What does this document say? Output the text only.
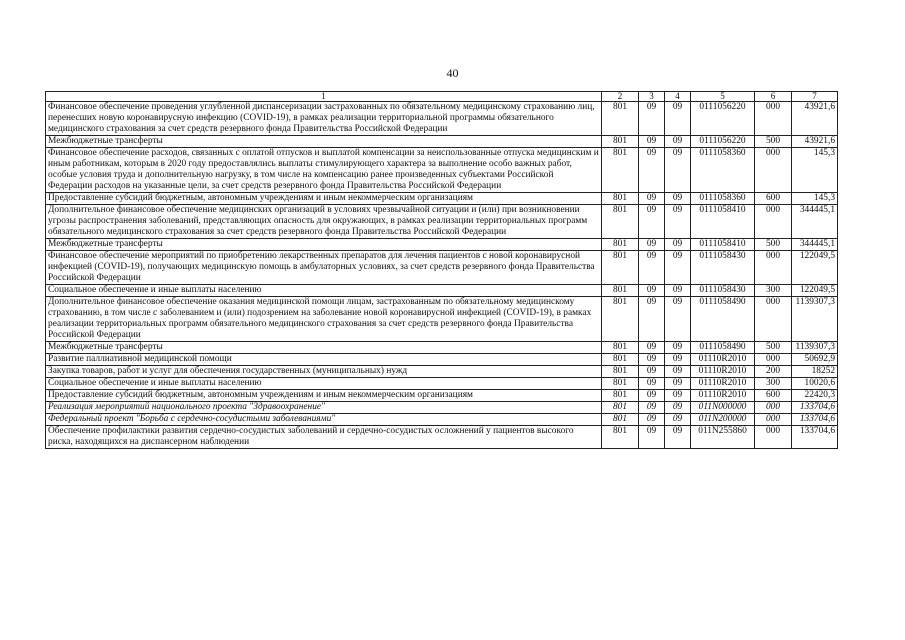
40
1	2	3	4	5	6	7
Финансовое обеспечение проведения углубленной диспансеризации застрахованных по обязательному медицинскому страхованию лиц, перенесших новую коронавирусную инфекцию (COVID-19), в рамках реализации территориальной программы обязательного медицинского страхования за счет средств резервного фонда Правительства Российской Федерации	801	09	09	0111056220	000	43921,6
Межбюджетные трансферты	801	09	09	0111056220	500	43921,6
Финансовое обеспечение расходов, связанных с оплатой отпусков и выплатой компенсации за неиспользованные отпуска медицинским и иным работникам, которым в 2020 году предоставлялись выплаты стимулирующего характера за выполнение особо важных работ, особые условия труда и дополнительную нагрузку, в том числе на компенсацию ранее произведенных субъектами Российской Федерации расходов на указанные цели, за счет средств резервного фонда Правительства Российской Федерации	801	09	09	0111058360	000	145,3
Предоставление субсидий бюджетным, автономным учреждениям и иным некоммерческим организациям	801	09	09	0111058360	600	145,3
Дополнительное финансовое обеспечение медицинских организаций в условиях чрезвычайной ситуации и (или) при возникновении угрозы распространения заболеваний, представляющих опасность для окружающих, в рамках реализации территориальных программ обязательного медицинского страхования за счет средств резервного фонда Правительства Российской Федерации	801	09	09	0111058410	000	344445,1
Межбюджетные трансферты	801	09	09	0111058410	500	344445,1
Финансовое обеспечение мероприятий по приобретению лекарственных препаратов для лечения пациентов с новой коронавирусной инфекцией (COVID-19), получающих медицинскую помощь в амбулаторных условиях, за счет средств резервного фонда Правительства Российской Федерации	801	09	09	0111058430	000	122049,5
Социальное обеспечение и иные выплаты населению	801	09	09	0111058430	300	122049,5
Дополнительное финансовое обеспечение оказания медицинской помощи лицам, застрахованным по обязательному медицинскому страхованию, в том числе с заболеванием и (или) подозрением на заболевание новой коронавирусной инфекцией (COVID-19), в рамках реализации территориальных программ обязательного медицинского страхования за счет средств резервного фонда Правительства Российской Федерации	801	09	09	0111058490	000	1139307,3
Межбюджетные трансферты	801	09	09	0111058490	500	1139307,3
Развитие паллиативной медицинской помощи	801	09	09	01110R2010	000	50692,9
Закупка товаров, работ и услуг для обеспечения государственных (муниципальных) нужд	801	09	09	01110R2010	200	18252
Социальное обеспечение и иные выплаты населению	801	09	09	01110R2010	300	10020,6
Предоставление субсидий бюджетным, автономным учреждениям и иным некоммерческим организациям	801	09	09	01110R2010	600	22420,3
Реализация мероприятий национального проекта "Здравоохранение"	801	09	09	011N000000	000	133704,6
Федеральный проект "Борьба с сердечно-сосудистыми заболеваниями"	801	09	09	011N200000	000	133704,6
Обеспечение профилактики развития сердечно-сосудистых заболеваний и сердечно-сосудистых осложнений у пациентов высокого риска, находящихся на диспансерном наблюдении	801	09	09	011N255860	000	133704,6
